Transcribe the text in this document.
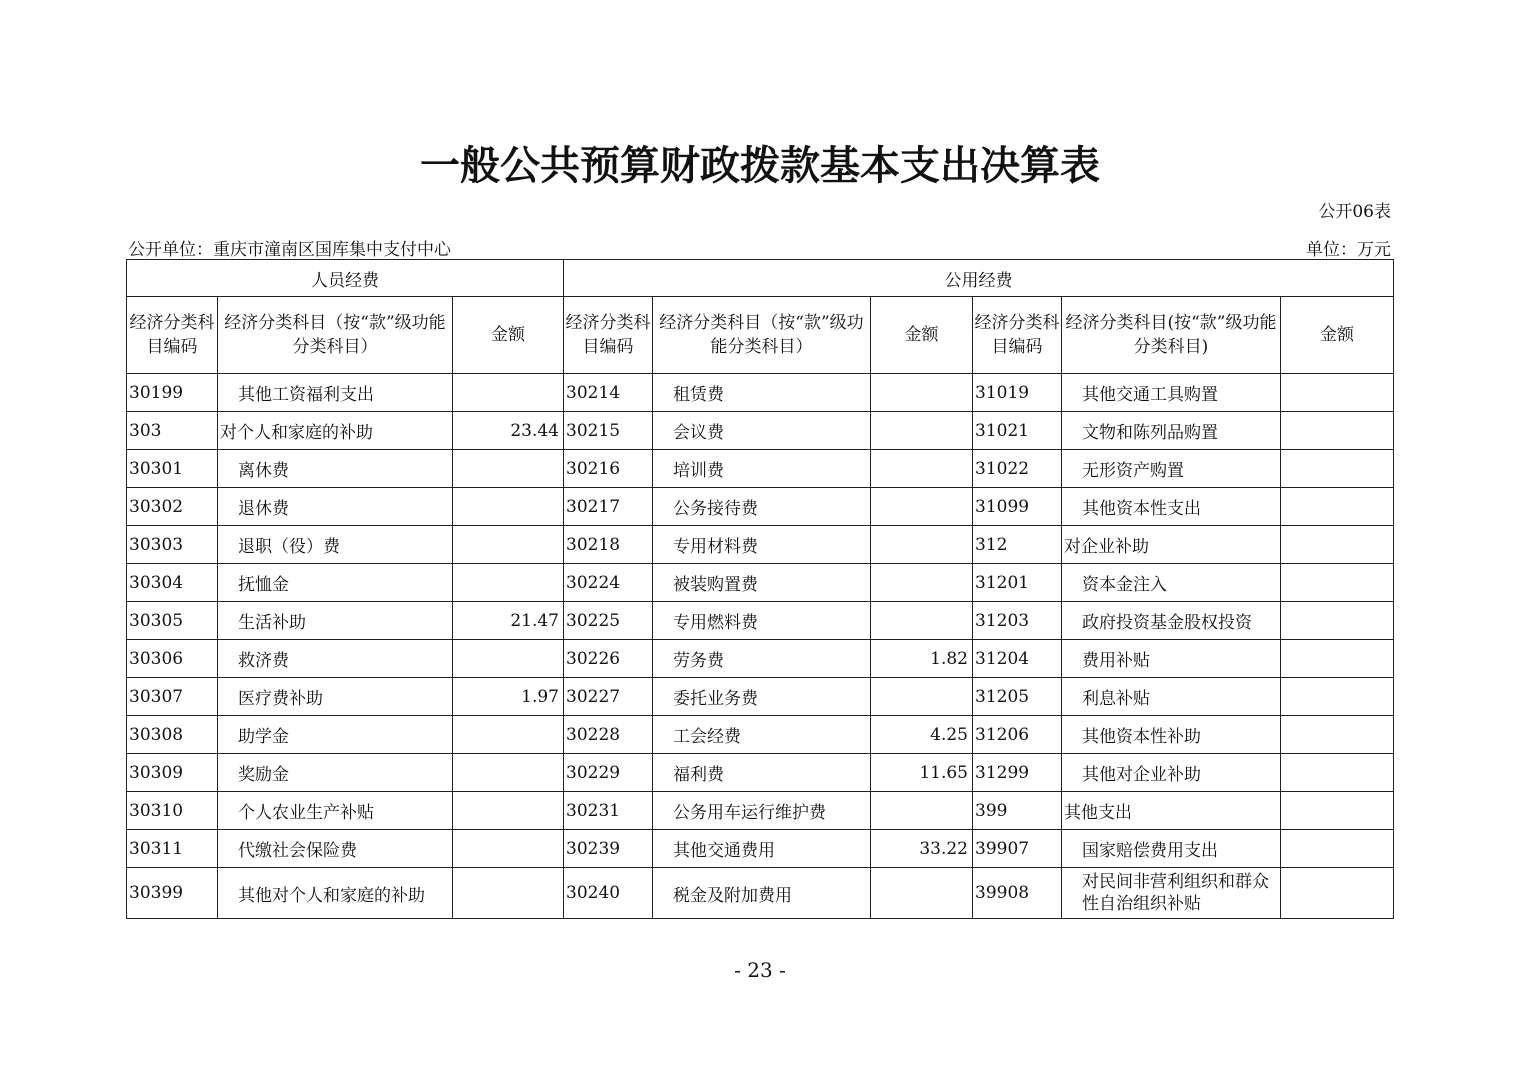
一般公共预算财政拨款基本支出决算表
公开06表
公开单位：重庆市潼南区国库集中支付中心	单位：万元
人员经费			公用经费					
经济分类科目编码	经济分类科目（按“款”级功能分类科目）	金额	经济分类科目编码	经济分类科目（按“款”级功能分类科目）	金额	经济分类科目编码	经济分类科目(按“款”级功能分类科目)	金额
30199	其他工资福利支出		30214	租赁费		31019	其他交通工具购置	
303	对个人和家庭的补助	23.44	30215	会议费		31021	文物和陈列品购置	
30301	离休费		30216	培训费		31022	无形资产购置	
30302	退休费		30217	公务接待费		31099	其他资本性支出	
30303	退职（役）费		30218	专用材料费		312	对企业补助	
30304	抚恤金		30224	被装购置费		31201	资本金注入	
30305	生活补助	21.47	30225	专用燃料费		31203	政府投资基金股权投资	
30306	救济费		30226	劳务费	1.82	31204	费用补贴	
30307	医疗费补助	1.97	30227	委托业务费		31205	利息补贴	
30308	助学金		30228	工会经费	4.25	31206	其他资本性补助	
30309	奖励金		30229	福利费	11.65	31299	其他对企业补助	
30310	个人农业生产补贴		30231	公务用车运行维护费		399	其他支出	
30311	代缴社会保险费		30239	其他交通费用	33.22	39907	国家赔偿费用支出	
30399	其他对个人和家庭的补助		30240	税金及附加费用		39908	对民间非营利组织和群众性自治组织补贴	
- 23 -
